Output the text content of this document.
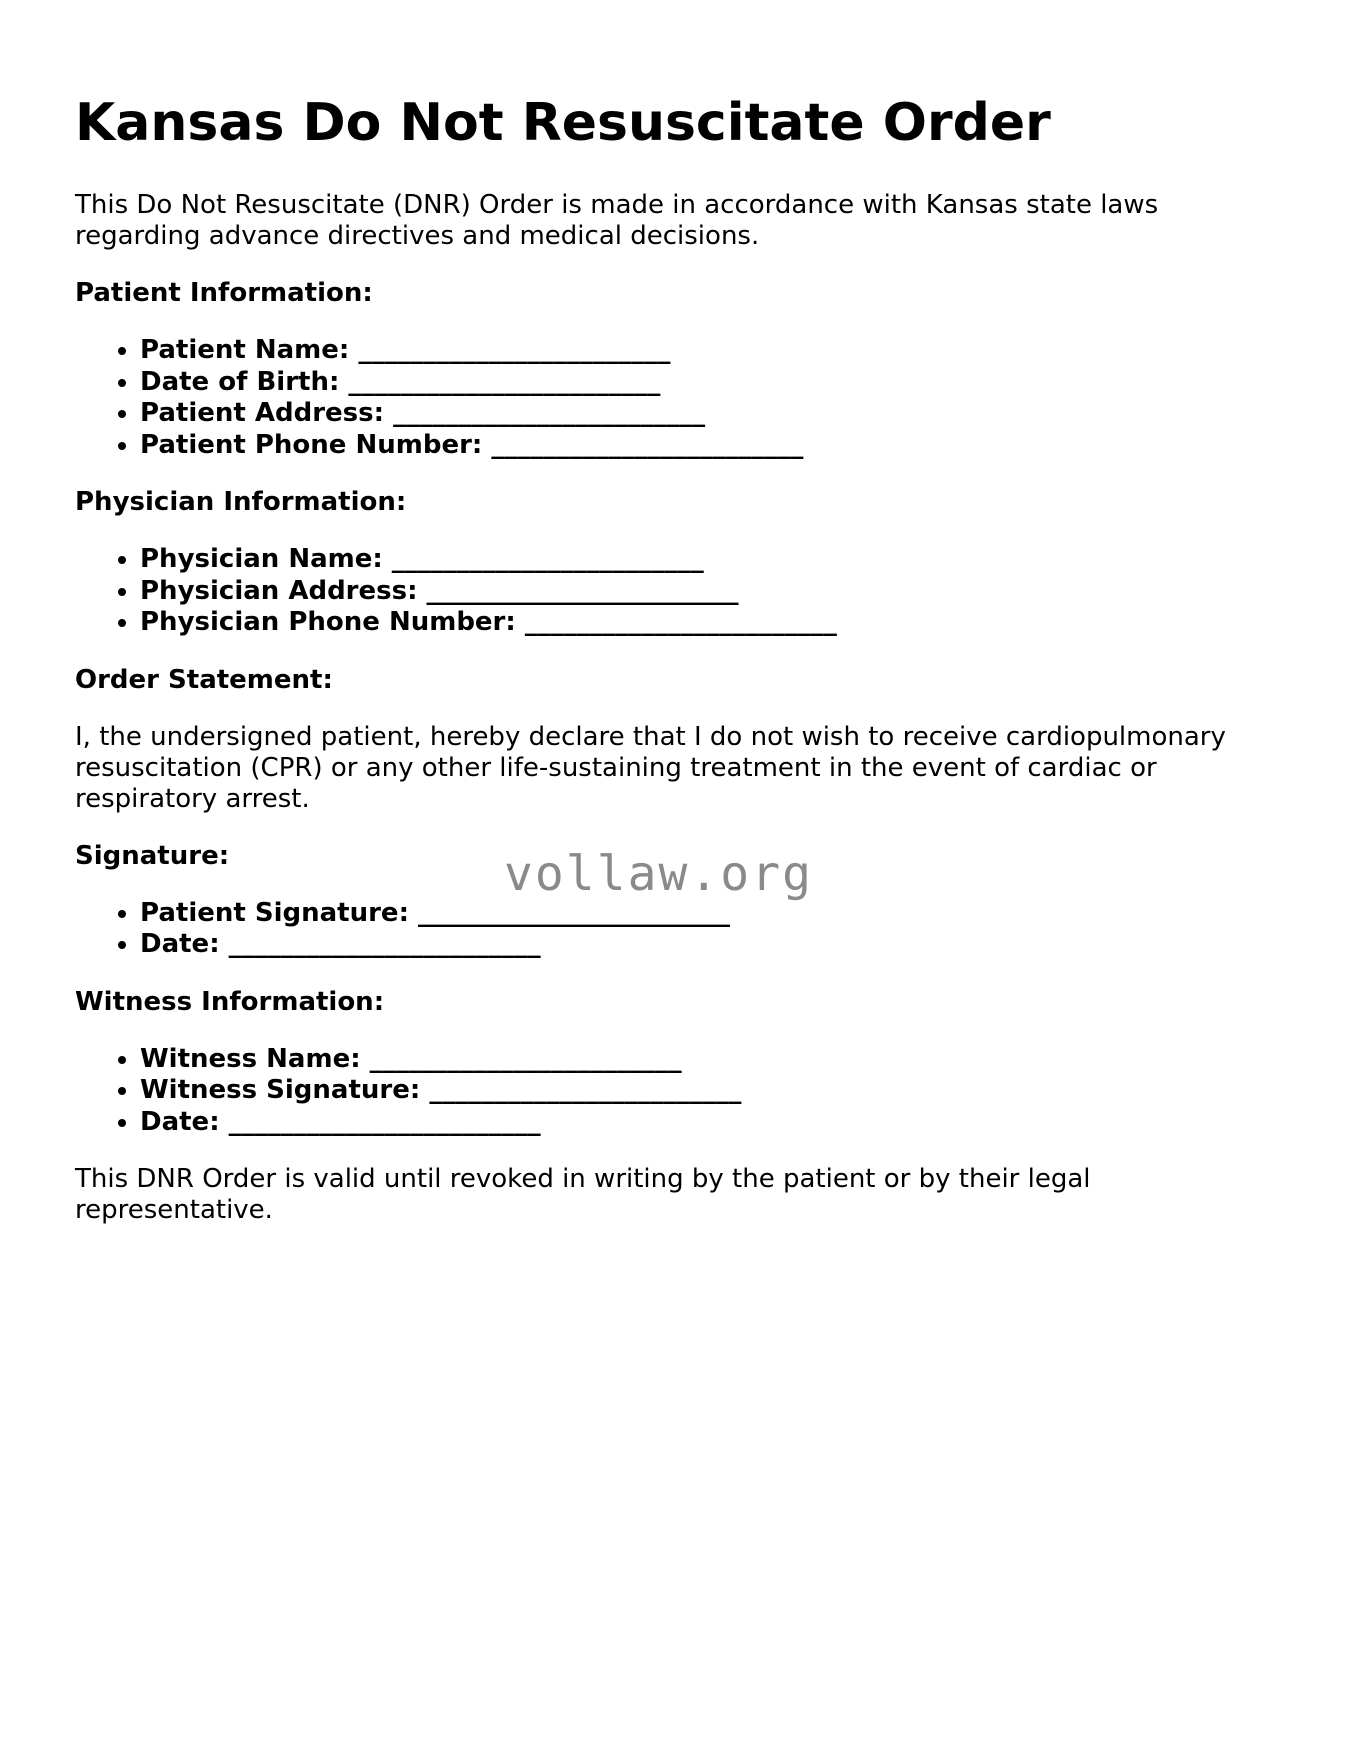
Kansas Do Not Resuscitate Order

This Do Not Resuscitate (DNR) Order is made in accordance with Kansas state laws regarding advance directives and medical decisions.

Patient Information:
• Patient Name: ________________________
• Date of Birth: ________________________
• Patient Address: ________________________
• Patient Phone Number: ________________________
Physician Information:
• Physician Name: ________________________
• Physician Address: ________________________
• Physician Phone Number: ________________________
Order Statement:

I, the undersigned patient, hereby declare that I do not wish to receive cardiopulmonary resuscitation (CPR) or any other life-sustaining treatment in the event of cardiac or respiratory arrest.

Signature:
• Patient Signature: ________________________
• Date: ________________________
Witness Information:
• Witness Name: ________________________
• Witness Signature: ________________________
• Date: ________________________

This DNR Order is valid until revoked in writing by the patient or by their legal representative.

vollaw.org
